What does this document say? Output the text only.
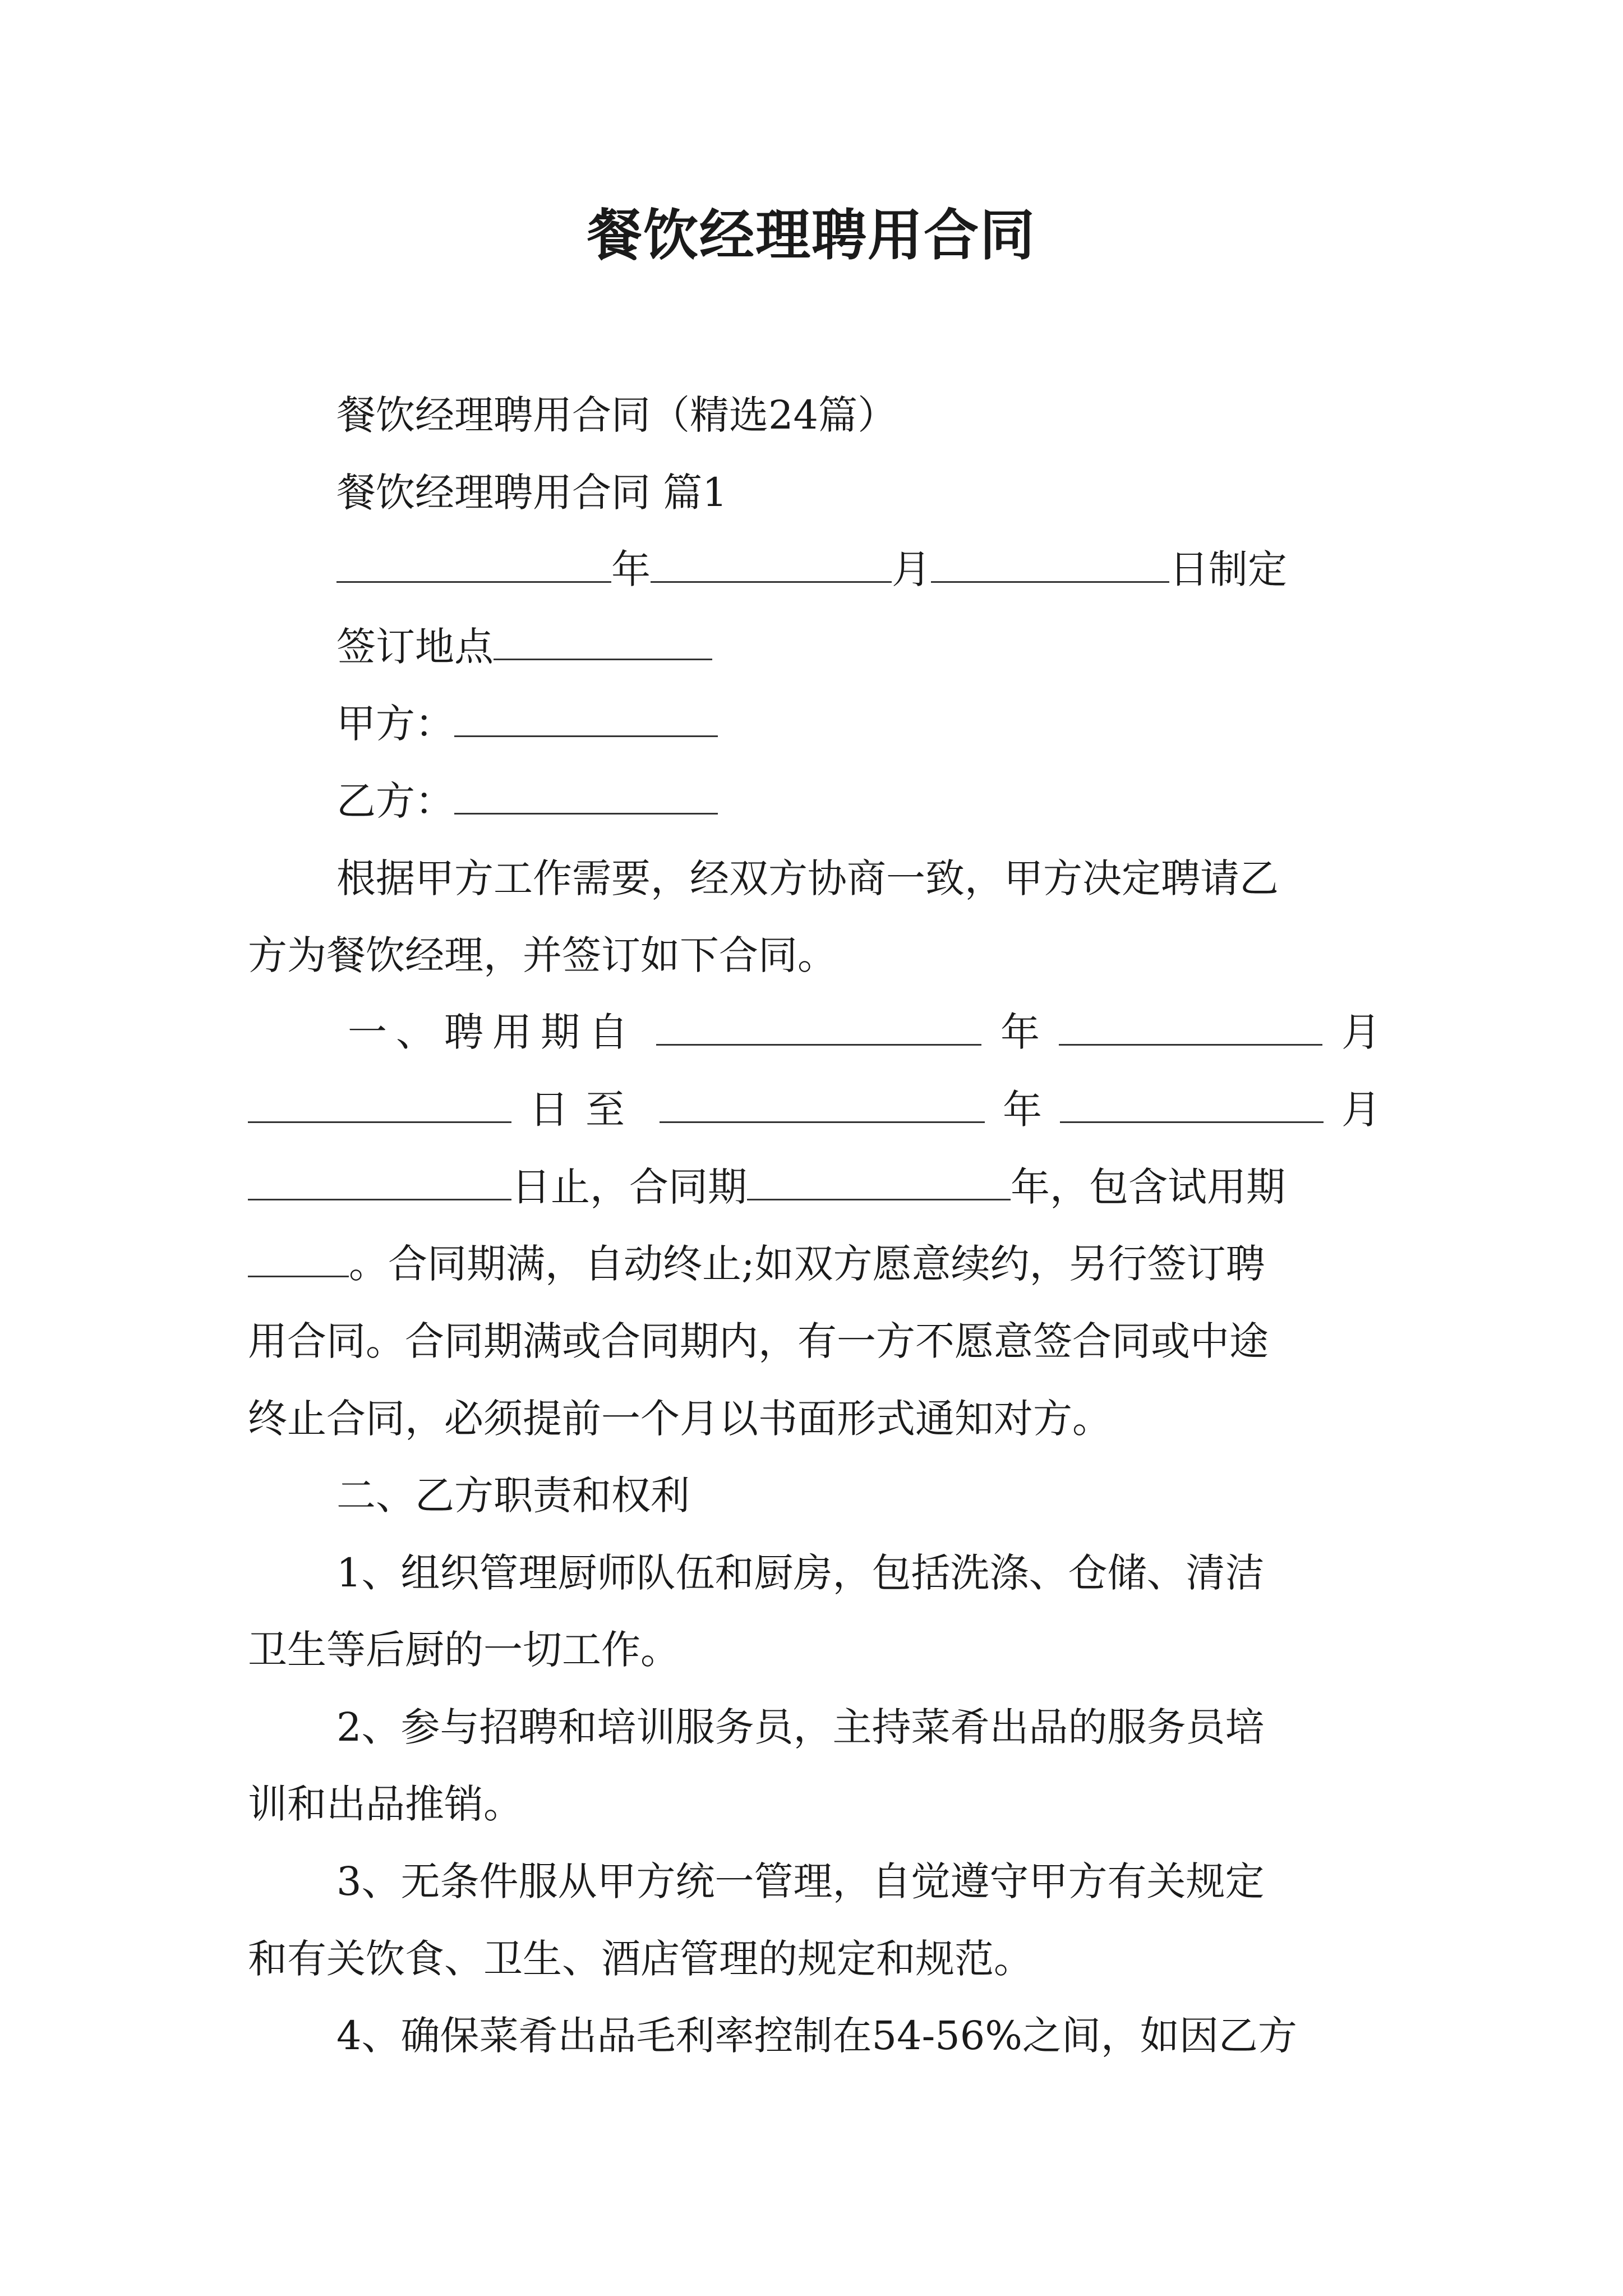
餐饮经理聘用合同
餐饮经理聘用合同（精选24篇）
餐饮经理聘用合同 篇1
年	月	日制定
签订地点
甲方：
乙方：
根据甲方工作需要，经双方协商一致，甲方决定聘请乙
方为餐饮经理，并签订如下合同。
一、聘用期自	年	月
日至	年	月
日止，合同期	年，包含试用期
。合同期满，自动终止;如双方愿意续约，另行签订聘
用合同。合同期满或合同期内，有一方不愿意签合同或中途
终止合同，必须提前一个月以书面形式通知对方。
二、乙方职责和权利
1、组织管理厨师队伍和厨房，包括洗涤、仓储、清洁
卫生等后厨的一切工作。
2、参与招聘和培训服务员，主持菜肴出品的服务员培
训和出品推销。
3、无条件服从甲方统一管理，自觉遵守甲方有关规定
和有关饮食、卫生、酒店管理的规定和规范。
4、确保菜肴出品毛利率控制在54-56%之间，如因乙方
